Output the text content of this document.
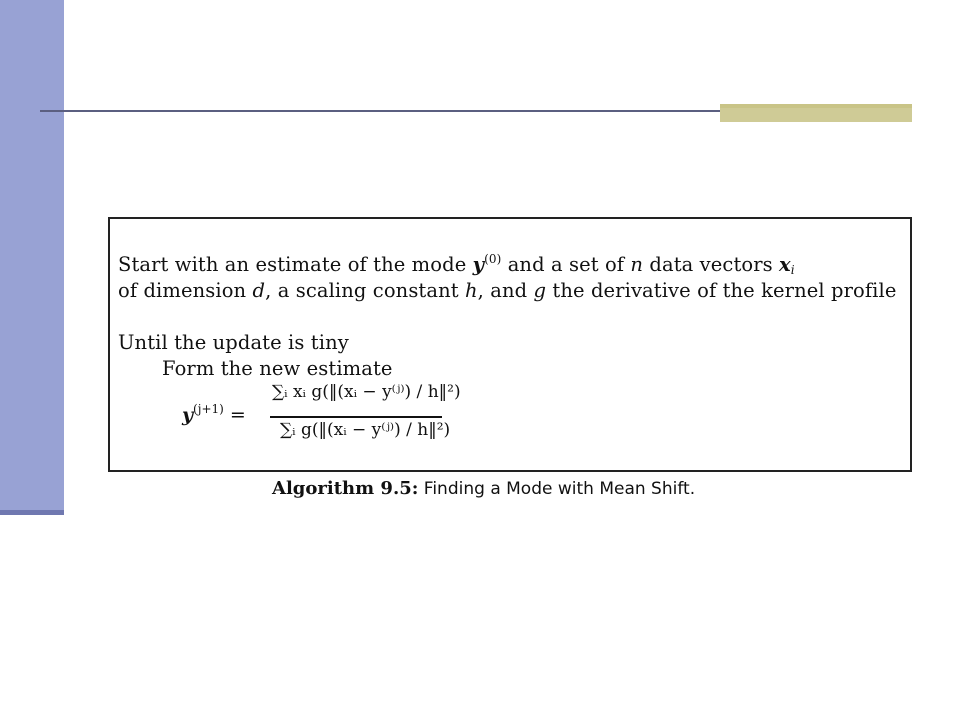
Start with an estimate of the mode $y^{(0)}$ and a set of n data vectors $x_i$
of dimension d, a scaling constant h, and g the derivative of the kernel profile
Until the update is tiny
Form the new estimate
$y^{(j+1)}$ =
∑ᵢ xᵢ g(‖(xᵢ − y⁽ʲ⁾) / h‖²)
∑ᵢ g(‖(xᵢ − y⁽ʲ⁾) / h‖²)
Algorithm 9.5: Finding a Mode with Mean Shift.
